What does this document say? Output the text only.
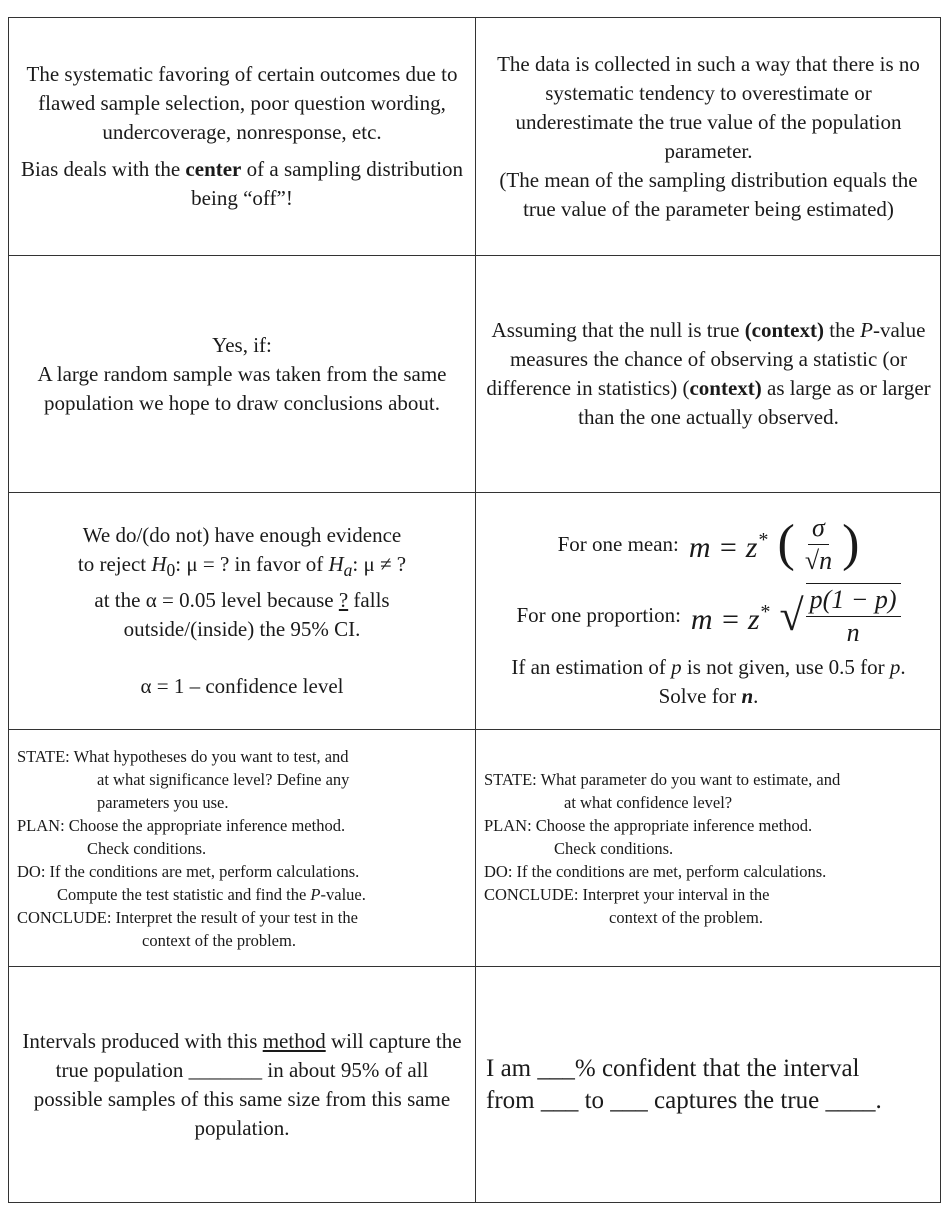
The systematic favoring of certain outcomes due to flawed sample selection, poor question wording, undercoverage, nonresponse, etc.

Bias deals with the center of a sampling distribution being “off”!

The data is collected in such a way that there is no systematic tendency to overestimate or underestimate the true value of the population parameter.

(The mean of the sampling distribution equals the true value of the parameter being estimated)

Yes, if:

A large random sample was taken from the same population we hope to draw conclusions about.

Assuming that the null is true (context) the P-value measures the chance of observing a statistic (or difference in statistics) (context) as large as or larger than the one actually observed.

We do/(do not) have enough evidence

to reject $H_0$: μ = ? in favor of $H_a$: μ ≠ ?

at the α = 0.05 level because ? falls

outside/(inside) the 95% CI.

α = 1 – confidence level

For one mean: m = z* ( $\frac{\sigma}{√n}$ )
For one proportion: m = z* √ $\frac{p(1 - p)}{n}$

If an estimation of p is not given, use 0.5 for p. Solve for n.

STATE: What hypotheses do you want to test, and

at what significance level? Define any

parameters you use.

PLAN: Choose the appropriate inference method.

Check conditions.

DO: If the conditions are met, perform calculations.

Compute the test statistic and find the P-value.

CONCLUDE: Interpret the result of your test in the

context of the problem.

STATE: What parameter do you want to estimate, and

at what confidence level?

PLAN: Choose the appropriate inference method.

Check conditions.

DO: If the conditions are met, perform calculations.

CONCLUDE: Interpret your interval in the

context of the problem.

Intervals produced with this method will capture the true population _______ in about 95% of all possible samples of this same size from this same population.

I am ___% confident that the interval

from ___ to ___ captures the true ____.
